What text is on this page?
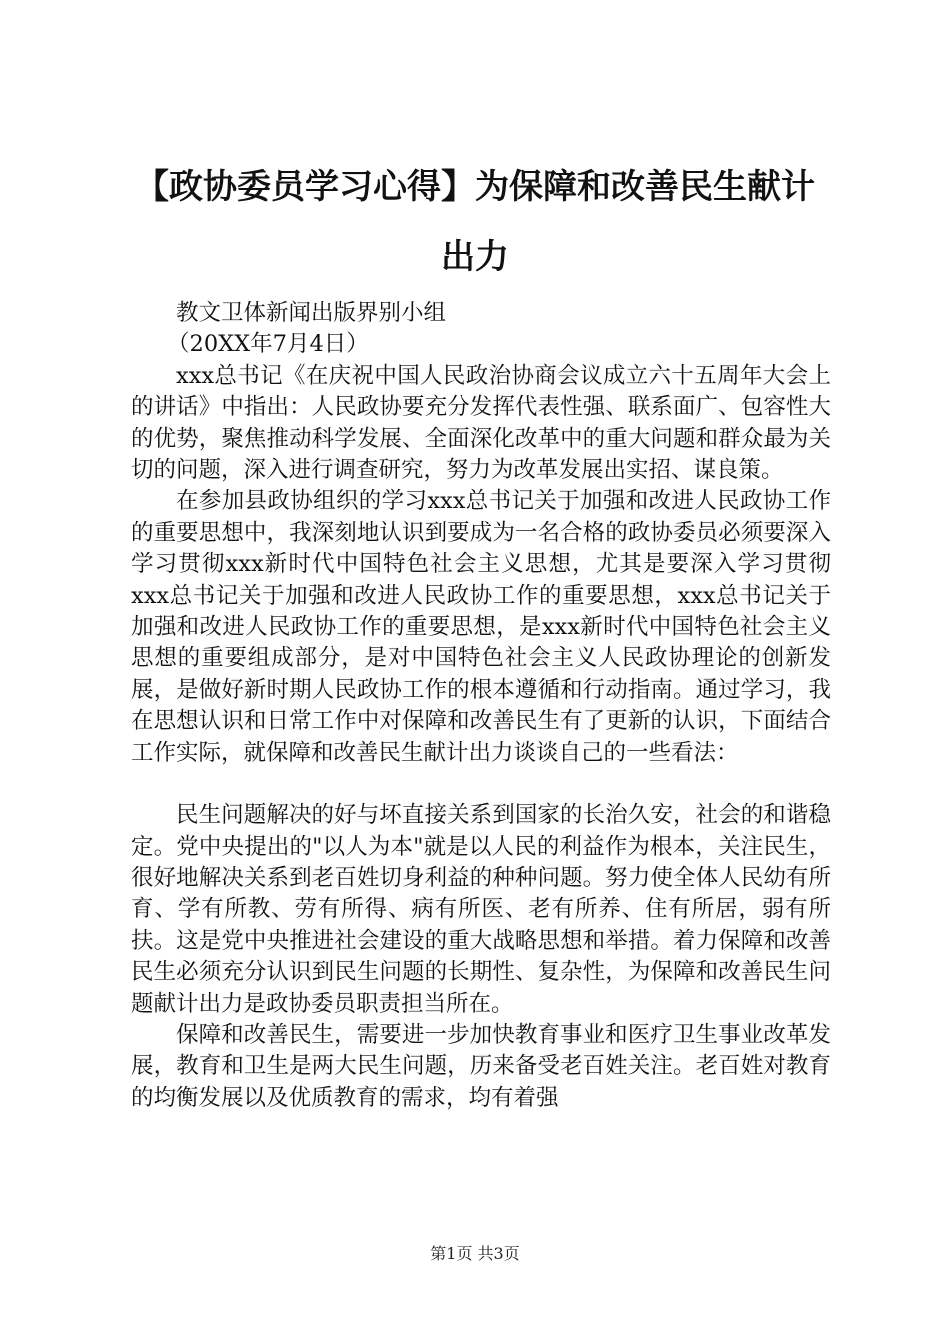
【政协委员学习心得】为保障和改善民生献计
出力

教文卫体新闻出版界别小组

（20XX年7月4日）

xxx总书记《在庆祝中国人民政治协商会议成立六十五周年大会上的讲话》中指出：人民政协要充分发挥代表性强、联系面广、包容性大的优势，聚焦推动科学发展、全面深化改革中的重大问题和群众最为关切的问题，深入进行调查研究，努力为改革发展出实招、谋良策。

在参加县政协组织的学习xxx总书记关于加强和改进人民政协工作的重要思想中，我深刻地认识到要成为一名合格的政协委员必须要深入学习贯彻xxx新时代中国特色社会主义思想，尤其是要深入学习贯彻xxx总书记关于加强和改进人民政协工作的重要思想，xxx总书记关于加强和改进人民政协工作的重要思想，是xxx新时代中国特色社会主义思想的重要组成部分，是对中国特色社会主义人民政协理论的创新发展，是做好新时期人民政协工作的根本遵循和行动指南。通过学习，我在思想认识和日常工作中对保障和改善民生有了更新的认识，下面结合工作实际，就保障和改善民生献计出力谈谈自己的一些看法：

民生问题解决的好与坏直接关系到国家的长治久安，社会的和谐稳定。党中央提出的"以人为本"就是以人民的利益作为根本，关注民生，很好地解决关系到老百姓切身利益的种种问题。努力使全体人民幼有所育、学有所教、劳有所得、病有所医、老有所养、住有所居，弱有所扶。这是党中央推进社会建设的重大战略思想和举措。着力保障和改善民生必须充分认识到民生问题的长期性、复杂性，为保障和改善民生问题献计出力是政协委员职责担当所在。

保障和改善民生，需要进一步加快教育事业和医疗卫生事业改革发展，教育和卫生是两大民生问题，历来备受老百姓关注。老百姓对教育的均衡发展以及优质教育的需求，均有着强

第1页 共3页
